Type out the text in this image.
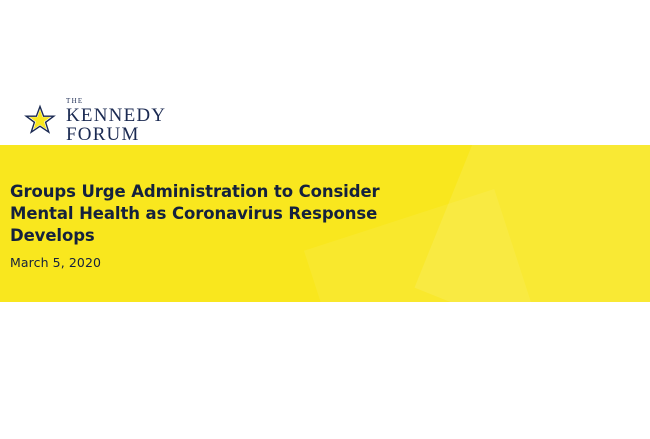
THE
KENNEDY
FORUM
Groups Urge Administration to Consider Mental Health as Coronavirus Response Develops
March 5, 2020
